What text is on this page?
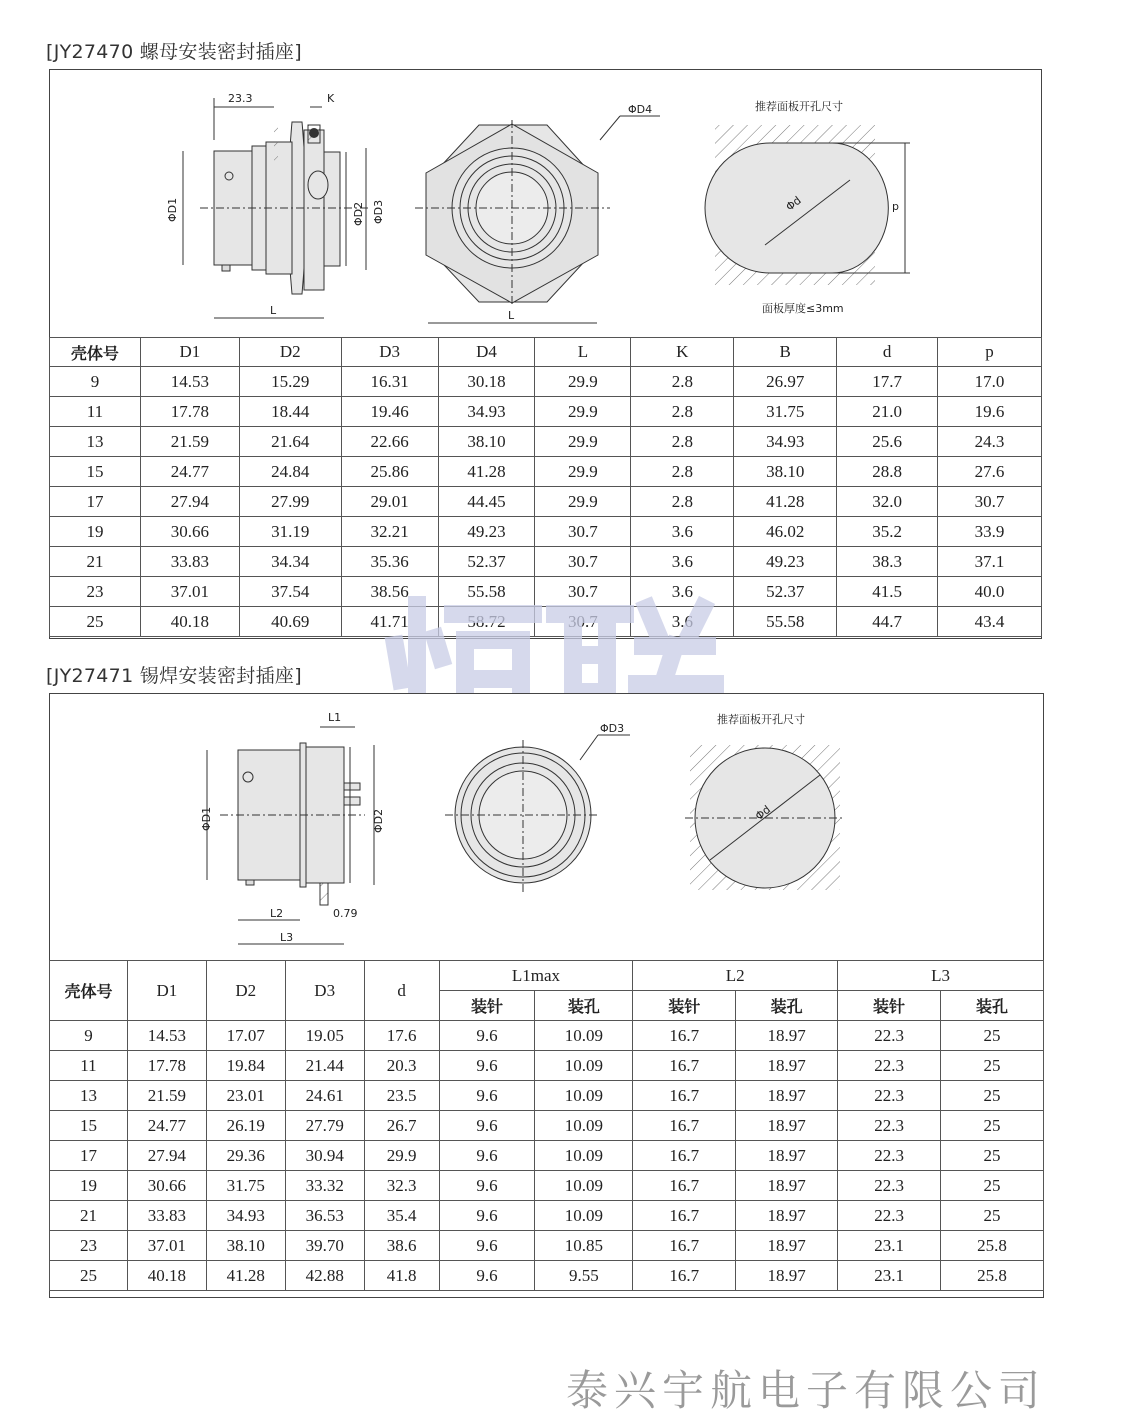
[JY27470 螺母安装密封插座]
23.3	K
ΦD1	ΦD2 ΦD3
L
ΦD4
L
推荐面板开孔尺寸
Φd	p
面板厚度≤3mm
壳体号	D1	D2	D3	D4	L	K	B	d	p
9	14.53	15.29	16.31	30.18	29.9	2.8	26.97	17.7	17.0
11	17.78	18.44	19.46	34.93	29.9	2.8	31.75	21.0	19.6
13	21.59	21.64	22.66	38.10	29.9	2.8	34.93	25.6	24.3
15	24.77	24.84	25.86	41.28	29.9	2.8	38.10	28.8	27.6
17	27.94	27.99	29.01	44.45	29.9	2.8	41.28	32.0	30.7
19	30.66	31.19	32.21	49.23	30.7	3.6	46.02	35.2	33.9
21	33.83	34.34	35.36	52.37	30.7	3.6	49.23	38.3	37.1
23	37.01	37.54	38.56	55.58	30.7	3.6	52.37	41.5	40.0
25	40.18	40.69	41.71	58.72	30.7	3.6	55.58	44.7	43.4
[JY27471 锡焊安装密封插座]
L1
ΦD1	ΦD2
L2	0.79
L3
ΦD3
推荐面板开孔尺寸
Φd
壳体号	D1	D2	D3	d	L1max		L2		L3	
					装针	装孔	装针	装孔	装针	装孔
9	14.53	17.07	19.05	17.6	9.6	10.09	16.7	18.97	22.3	25
11	17.78	19.84	21.44	20.3	9.6	10.09	16.7	18.97	22.3	25
13	21.59	23.01	24.61	23.5	9.6	10.09	16.7	18.97	22.3	25
15	24.77	26.19	27.79	26.7	9.6	10.09	16.7	18.97	22.3	25
17	27.94	29.36	30.94	29.9	9.6	10.09	16.7	18.97	22.3	25
19	30.66	31.75	33.32	32.3	9.6	10.09	16.7	18.97	22.3	25
21	33.83	34.93	36.53	35.4	9.6	10.09	16.7	18.97	22.3	25
23	37.01	38.10	39.70	38.6	9.6	10.85	16.7	18.97	23.1	25.8
25	40.18	41.28	42.88	41.8	9.6	9.55	16.7	18.97	23.1	25.8
泰兴宇航电子有限公司
